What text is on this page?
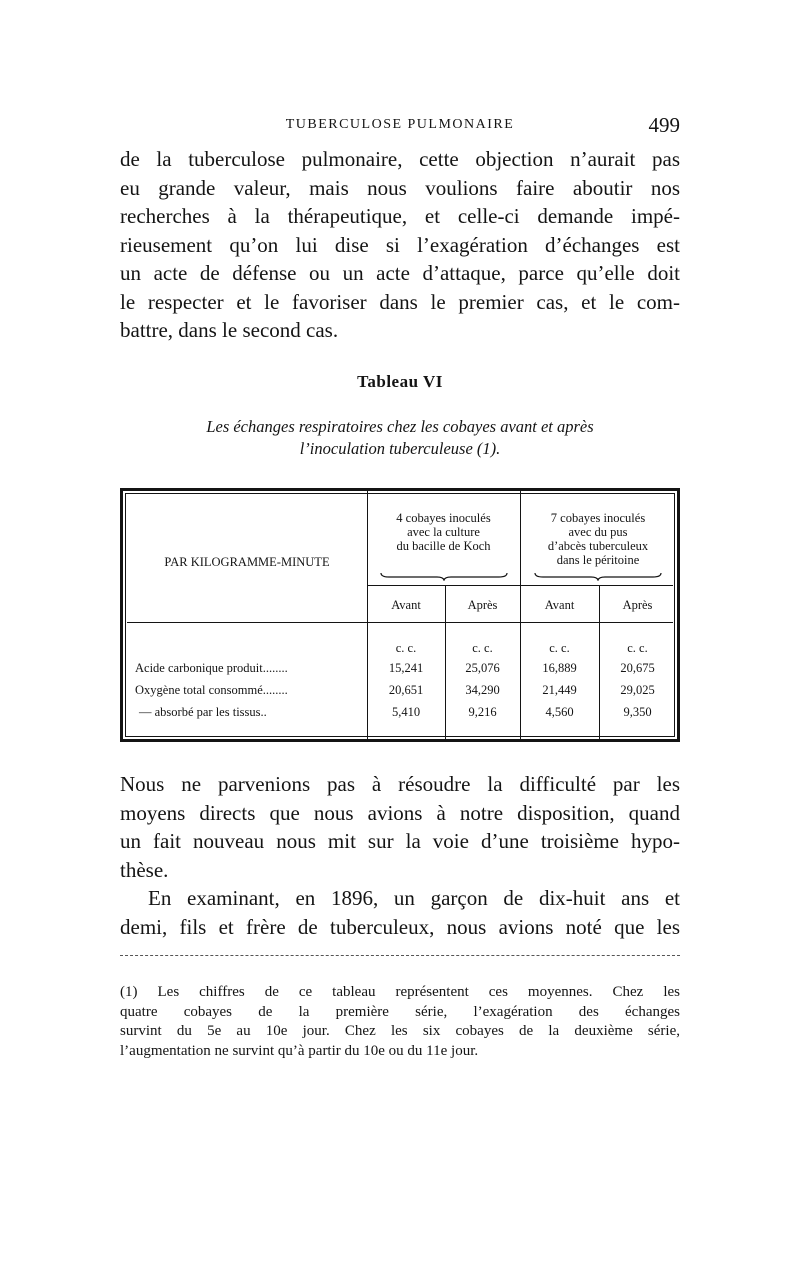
TUBERCULOSE PULMONAIRE	499
de la tuberculose pulmonaire, cette objection n’aurait pas
eu grande valeur, mais nous voulions faire aboutir nos
recherches à la thérapeutique, et celle-ci demande impé-
rieusement qu’on lui dise si l’exagération d’échanges est
un acte de défense ou un acte d’attaque, parce qu’elle doit
le respecter et le favoriser dans le premier cas, et le com-
battre, dans le second cas.
Tableau VI
Les échanges respiratoires chez les cobayes avant et après
l’inoculation tuberculeuse (1).
PAR KILOGRAMME-MINUTE
4 cobayes inoculés
avec la culture
du bacille de Koch
7 cobayes inoculés
avec du pus
d’abcès tuberculeux
dans le péritoine
Avant	Après	Avant	Après
c. c.	c. c.	c. c.	c. c.
Acide carbonique produit........	15,241	25,076	16,889	20,675
Oxygène total consommé........	20,651	34,290	21,449	29,025
— absorbé par les tissus..	5,410	9,216	4,560	9,350
Nous ne parvenions pas à résoudre la difficulté par les
moyens directs que nous avions à notre disposition, quand
un fait nouveau nous mit sur la voie d’une troisième hypo-
thèse.
En examinant, en 1896, un garçon de dix-huit ans et
demi, fils et frère de tuberculeux, nous avions noté que les
(1) Les chiffres de ce tableau représentent ces moyennes. Chez les
quatre cobayes de la première série, l’exagération des échanges
survint du 5e au 10e jour. Chez les six cobayes de la deuxième série,
l’augmentation ne survint qu’à partir du 10e ou du 11e jour.
